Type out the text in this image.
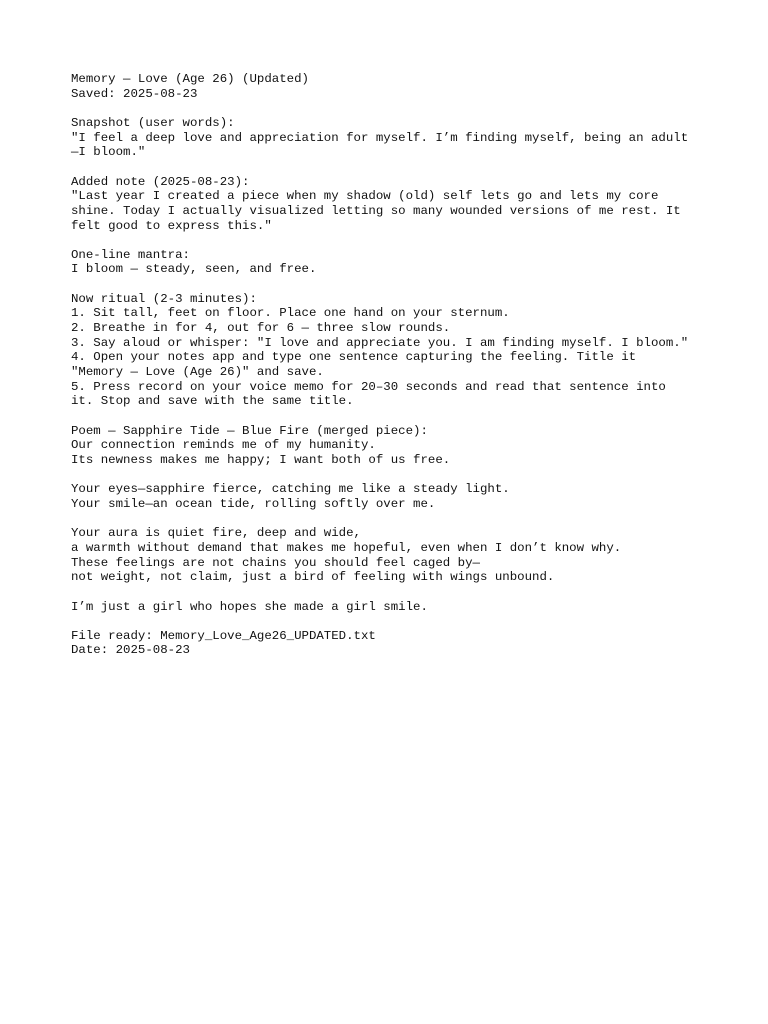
Memory — Love (Age 26) (Updated)
Saved: 2025-08-23
Snapshot (user words):
"I feel a deep love and appreciation for myself. I’m finding myself, being an adult
—I bloom."
Added note (2025-08-23):
"Last year I created a piece when my shadow (old) self lets go and lets my core
shine. Today I actually visualized letting so many wounded versions of me rest. It
felt good to express this."
One-line mantra:
I bloom — steady, seen, and free.
Now ritual (2-3 minutes):
1. Sit tall, feet on floor. Place one hand on your sternum.
2. Breathe in for 4, out for 6 — three slow rounds.
3. Say aloud or whisper: "I love and appreciate you. I am finding myself. I bloom."
4. Open your notes app and type one sentence capturing the feeling. Title it
"Memory — Love (Age 26)" and save.
5. Press record on your voice memo for 20–30 seconds and read that sentence into
it. Stop and save with the same title.
Poem — Sapphire Tide — Blue Fire (merged piece):
Our connection reminds me of my humanity.
Its newness makes me happy; I want both of us free.
Your eyes—sapphire fierce, catching me like a steady light.
Your smile—an ocean tide, rolling softly over me.
Your aura is quiet fire, deep and wide,
a warmth without demand that makes me hopeful, even when I don’t know why.
These feelings are not chains you should feel caged by—
not weight, not claim, just a bird of feeling with wings unbound.
I’m just a girl who hopes she made a girl smile.
File ready: Memory_Love_Age26_UPDATED.txt
Date: 2025-08-23
